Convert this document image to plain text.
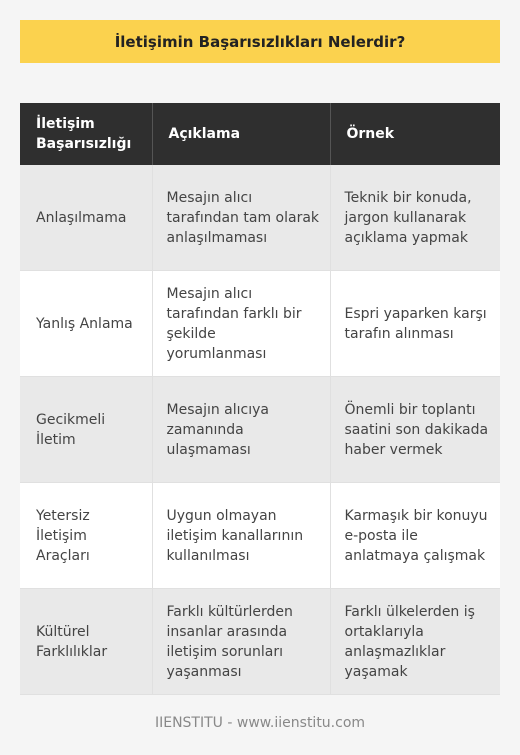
İletişimin Başarısızlıkları Nelerdir?
İletişim Başarısızlığı	Açıklama	Örnek
Anlaşılmama	Mesajın alıcı tarafından tam olarak anlaşılmaması	Teknik bir konuda, jargon kullanarak açıklama yapmak
Yanlış Anlama	Mesajın alıcı tarafından farklı bir şekilde yorumlanması	Espri yaparken karşı tarafın alınması
Gecikmeli İletim	Mesajın alıcıya zamanında ulaşmaması	Önemli bir toplantı saatini son dakikada haber vermek
Yetersiz İletişim Araçları	Uygun olmayan iletişim kanallarının kullanılması	Karmaşık bir konuyu e-posta ile anlatmaya çalışmak
Kültürel Farklılıklar	Farklı kültürlerden insanlar arasında iletişim sorunları yaşanması	Farklı ülkelerden iş ortaklarıyla anlaşmazlıklar yaşamak
IIENSTITU - www.iienstitu.com
